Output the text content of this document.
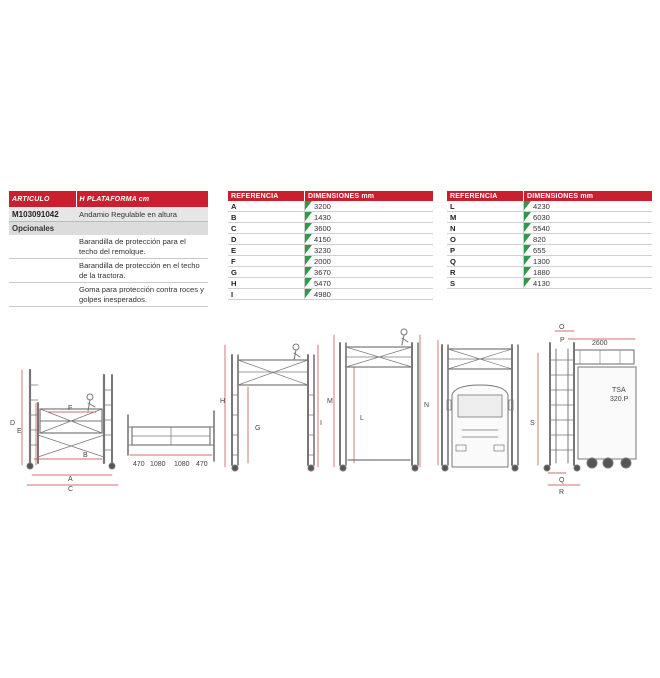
ARTICULO	H PLATAFORMA cm
M103091042	Andamio Regulable en altura
Opcionales	
	Barandilla de protección para el techo del remolque.
	Barandilla de protección en el techo de la tractora.
	Goma para protección contra roces y golpes inesperados.
REFERENCIA	DIMENSIONES mm
A	3200
B	1430
C	3600
D	4150
E	3230
F	2000
G	3670
H	5470
I	4980
REFERENCIA	DIMENSIONES mm
L	4230
M	6030
N	5540
O	820
P	655
Q	1300
R	1880
S	4130
D
E
F
B
A
C
470 1080 1080 470
H
I
G
M
N
L
O
P	2600
S
Q
R
TSA
320.P
